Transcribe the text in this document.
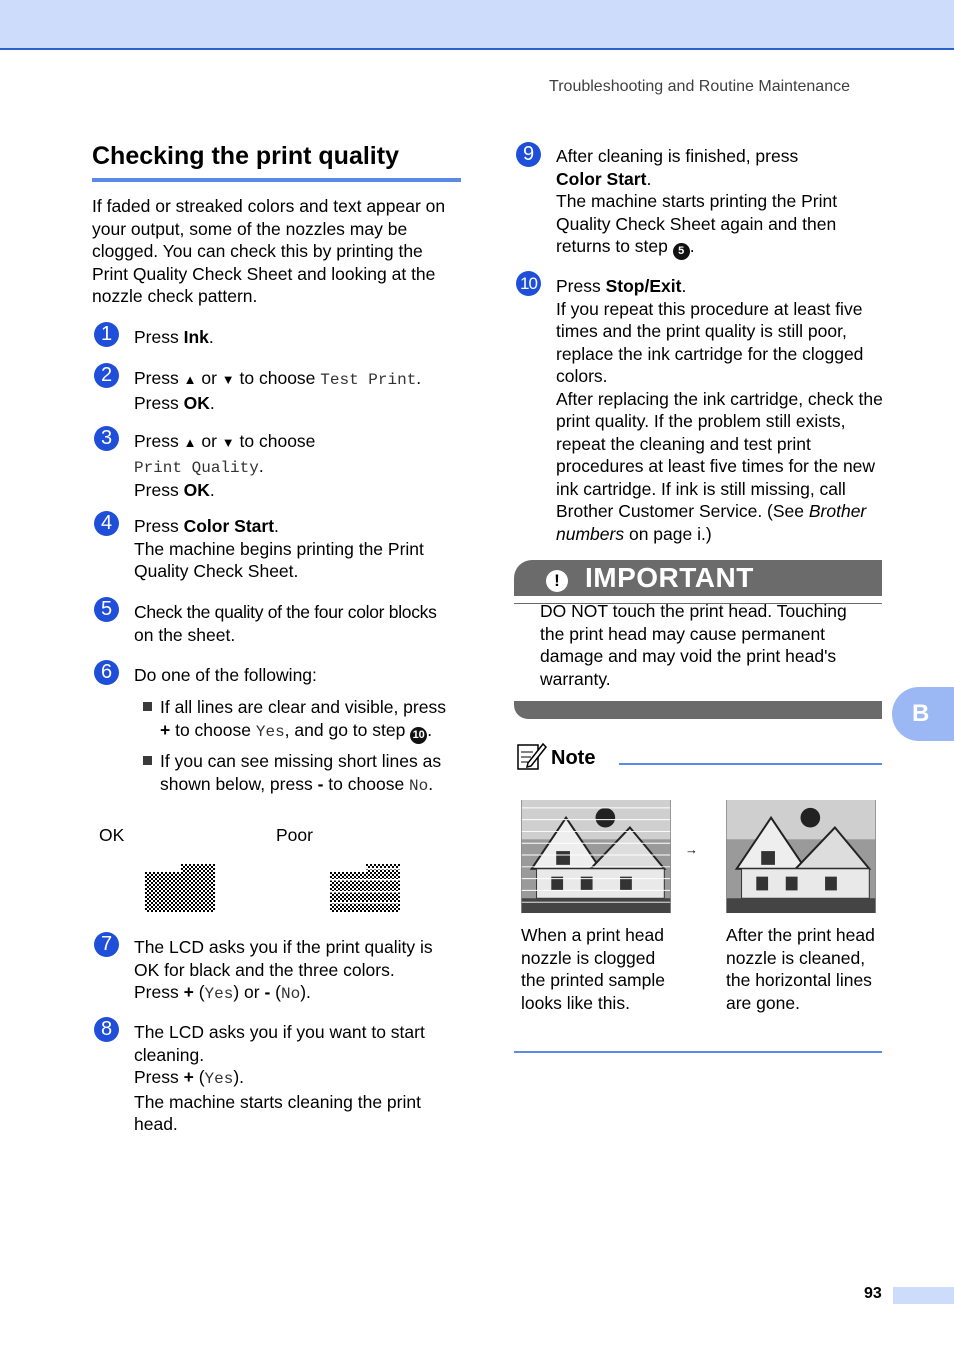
Troubleshooting and Routine Maintenance
Checking the print quality
If faded or streaked colors and text appear on your output, some of the nozzles may be clogged. You can check this by printing the Print Quality Check Sheet and looking at the nozzle check pattern.
1	Press Ink.
2	Press ▲ or ▼ to choose Test Print.
Press OK.
3	Press ▲ or ▼ to choose
Print Quality.
Press OK.
4	Press Color Start.
The machine begins printing the Print
Quality Check Sheet.
5	Check the quality of the four color blocks
on the sheet.
6	Do one of the following:
If all lines are clear and visible, press
+ to choose Yes, and go to step 10 .
If you can see missing short lines as
shown below, press - to choose No.
OK	Poor
7	The LCD asks you if the print quality is
OK for black and the three colors.
Press + (Yes) or - (No).
8	The LCD asks you if you want to start
cleaning.
Press + (Yes).
The machine starts cleaning the print
head.
9	After cleaning is finished, press
Color Start.
The machine starts printing the Print
Quality Check Sheet again and then
returns to step 5 .
10 Press Stop/Exit.
If you repeat this procedure at least five times and the print quality is still poor, replace the ink cartridge for the clogged colors.
After replacing the ink cartridge, check the print quality. If the problem still exists, repeat the cleaning and test print procedures at least five times for the new ink cartridge. If ink is still missing, call Brother Customer Service. (See Brother numbers on page i.)
! IMPORTANT
DO NOT touch the print head. Touching the print head may cause permanent damage and may void the print head's warranty.
Note
→
When a print head nozzle is clogged the printed sample looks like this.
After the print head nozzle is cleaned, the horizontal lines are gone.
B
93
